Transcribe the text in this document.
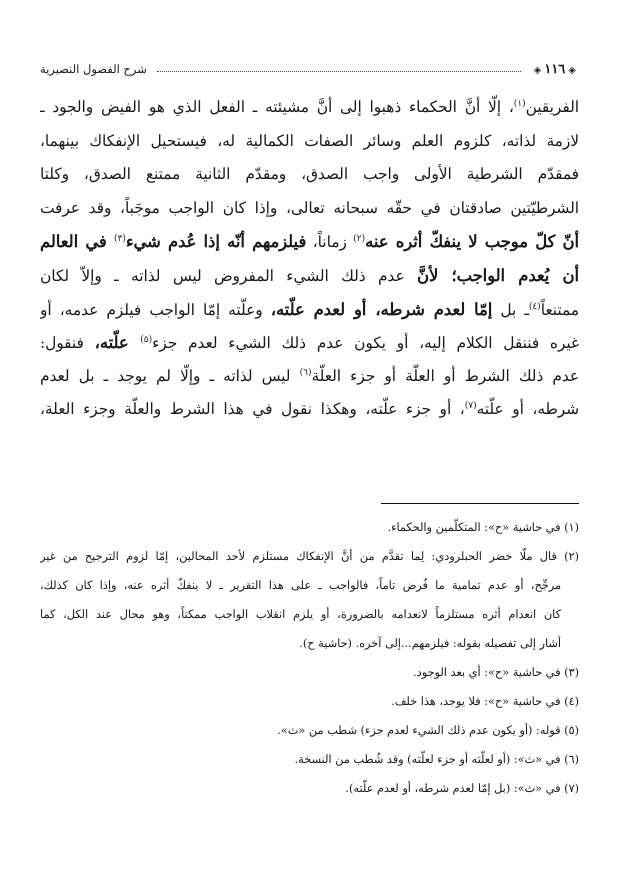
◈١١٦◈
شرح الفصول النصيرية
الفريقين$^{(١)}$، إلّا أنَّ الحكماء ذهبوا إلى أنَّ مشيئته ـ الفعل الذي هو الفيض والجود ـ
لازمة لذاته، كلزوم العلم وسائر الصفات الكمالية له، فيستحيل الإنفكاك بينهما،
فمقدّم الشرطية الأولى واجب الصدق، ومقدّم الثانية ممتنع الصدق، وكلتا
الشرطيّتين صادقتان في حقّه سبحانه تعالى، وإذا كان الواجب موجَباً، وقد عرفت
أنّ كلّ موجب لا ينفكّ أثره عنه$^{(٢)}$ زماناً، فيلزمهم أنّه إذا عُدم شيء$^{(٣)}$ في العالم
أن يُعدم الواجب؛ لأنَّ عدم ذلك الشيء المفروض ليس لذاته ـ وإلاّ لكان
ممتنعاً$^{(٤)}$ـ بل إمّا لعدم شرطه، أو لعدم علّته، وعلّته إمّا الواجب فيلزم عدمه، أو
غيره فننقل الكلام إليه، أو يكون عدم ذلك الشيء لعدم جزء$^{(٥)}$ علّته، فنقول:
عدم ذلك الشرط أو العلّة أو جزء العلّة$^{(٦)}$ ليس لذاته ـ وإلّا لم يوجد ـ بل لعدم
شرطه، أو علّته$^{(٧)}$، أو جزء علّته، وهكذا نقول في هذا الشرط والعلّة وجزء العلة،
(١) في حاشية «ح»: المتكلّمين والحكماء.
(٢) قال ملّا خضر الحبلرودي: لِما تقدَّم من أنَّ الإنفكاك مستلزم لأحد المحالين، إمّا لزوم الترجيح من غير
مرجِّح، أو عدم تمامية ما فُرض تاماً، فالواجب ـ على هذا التقرير ـ لا ينفكّ أثره عنه، وإذا كان كذلك،
كان انعدام أثره مستلزماً لانعدامه بالضرورة، أو يلزم انقلاب الواجب ممكناً، وهو محال عند الكل، كما
أشار إلى تفصيله بقوله: فيلزمهم...إلى آخره. (حاشية ح).
(٣) في حاشية «ح»: أي بعد الوجود.
(٤) في حاشية «ح»: فلا يوجد، هذا خلف.
(٥) قوله: (أو يكون عدم ذلك الشيء لعدم جزء) شطب من «ث».
(٦) في «ث»: (أو لعلّته أو جزء لعلّته) وقد شُطب من النسخة.
(٧) في «ث»: (بل إمّا لعدم شرطه، أو لعدم علّته).
